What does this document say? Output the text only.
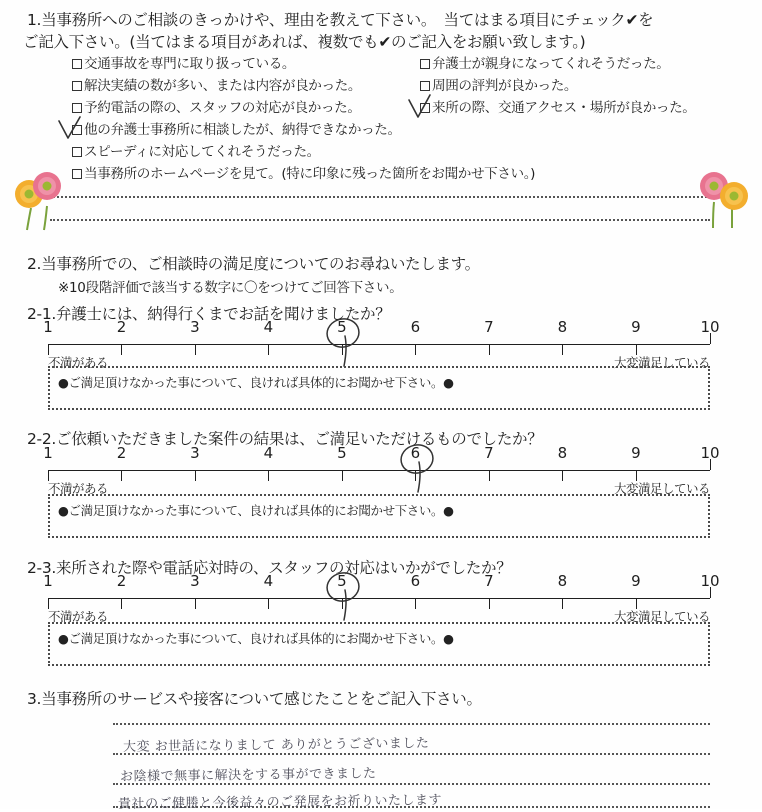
1.当事務所へのご相談のきっかけや、理由を教えて下さい。　当てはまる項目にチェック✔を
ご記入下さい。(当てはまる項目があれば、複数でも✔のご記入をお願い致します。)
交通事故を専門に取り扱っている。
解決実績の数が多い、または内容が良かった。
予約電話の際の、スタッフの対応が良かった。
他の弁護士事務所に相談したが、納得できなかった。
スピーディに対応してくれそうだった。
当事務所のホームページを見て。(特に印象に残った箇所をお聞かせ下さい。)
弁護士が親身になってくれそうだった。
周囲の評判が良かった。
来所の際、交通アクセス・場所が良かった。
2.当事務所での、ご相談時の満足度についてのお尋ねいたします。
※10段階評価で該当する数字に〇をつけてご回答下さい。
2-1.弁護士には、納得行くまでお話を聞けましたか？
1	2	3	4	5	6	7	8	9	10
不満がある	大変満足している
●ご満足頂けなかった事について、良ければ具体的にお聞かせ下さい。●
2-2.ご依頼いただきました案件の結果は、ご満足いただけるものでしたか？
1	2	3	4	5	6	7	8	9	10
不満がある	大変満足している
●ご満足頂けなかった事について、良ければ具体的にお聞かせ下さい。●
2-3.来所された際や電話応対時の、スタッフの対応はいかがでしたか？
1	2	3	4	5	6	7	8	9	10
不満がある	大変満足している
●ご満足頂けなかった事について、良ければ具体的にお聞かせ下さい。●
3.当事務所のサービスや接客について感じたことをご記入下さい。
大変 お世話になりまして ありがとうございました
お陰様で無事に解決をする事ができました
貴社のご健勝と今後益々のご発展をお祈りいたします
